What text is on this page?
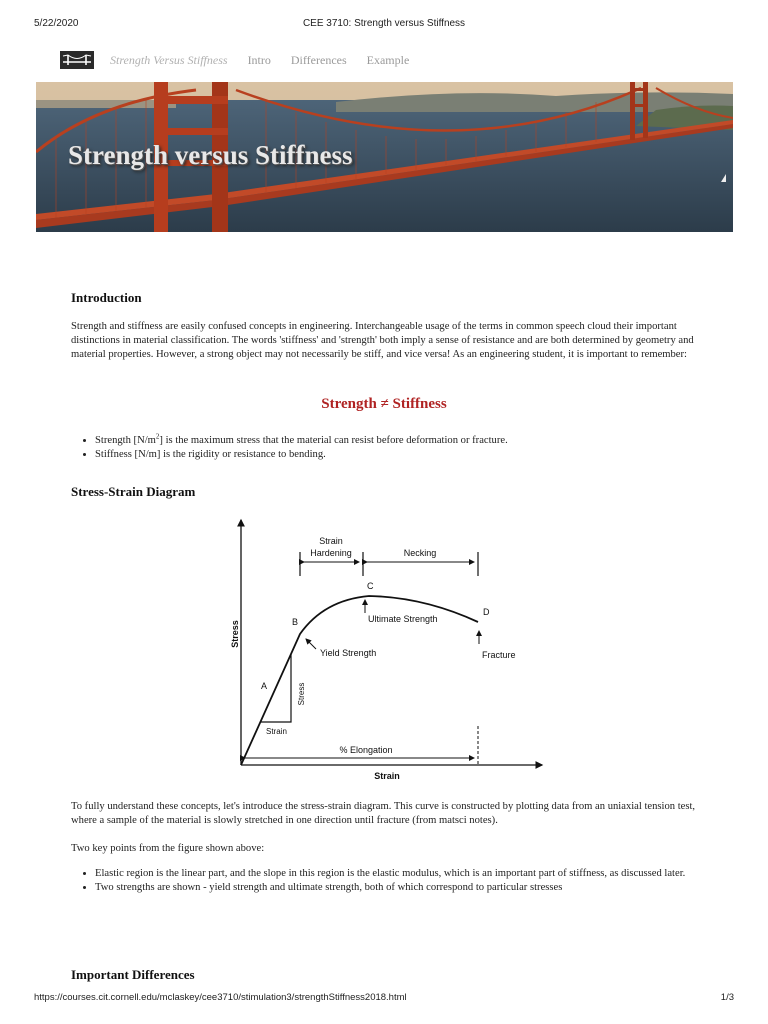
5/22/2020	CEE 3710: Strength versus Stiffness
Strength Versus Stiffness Intro Differences Example
Strength versus Stiffness
Introduction

Strength and stiffness are easily confused concepts in engineering. Interchangeable usage of the terms in common speech cloud their important distinctions in material classification. The words 'stiffness' and 'strength' both imply a sense of resistance and are both determined by geometry and material properties. However, a strong object may not necessarily be stiff, and vice versa! As an engineering student, it is important to remember:

Strength ≠ Stiffness
• Strength $[N/m^2]$ is the maximum stress that the material can resist before deformation or fracture.
• Stiffness [N/m] is the rigidity or resistance to bending.
Stress-Strain Diagram
Stress
Strain
A	Stress
Strain
B
C
D
Yield Strength
Ultimate Strength
Fracture
Strain
Hardening	Necking
% Elongation

To fully understand these concepts, let's introduce the stress-strain diagram. This curve is constructed by plotting data from an uniaxial tension test, where a sample of the material is slowly stretched in one direction until fracture (from matsci notes).

Two key points from the figure shown above:

• Elastic region is the linear part, and the slope in this region is the elastic modulus, which is an important part of stiffness, as discussed later.
• Two strengths are shown - yield strength and ultimate strength, both of which correspond to particular stresses
Important Differences
https://courses.cit.cornell.edu/mclaskey/cee3710/stimulation3/strengthStiffness2018.html	1/3
